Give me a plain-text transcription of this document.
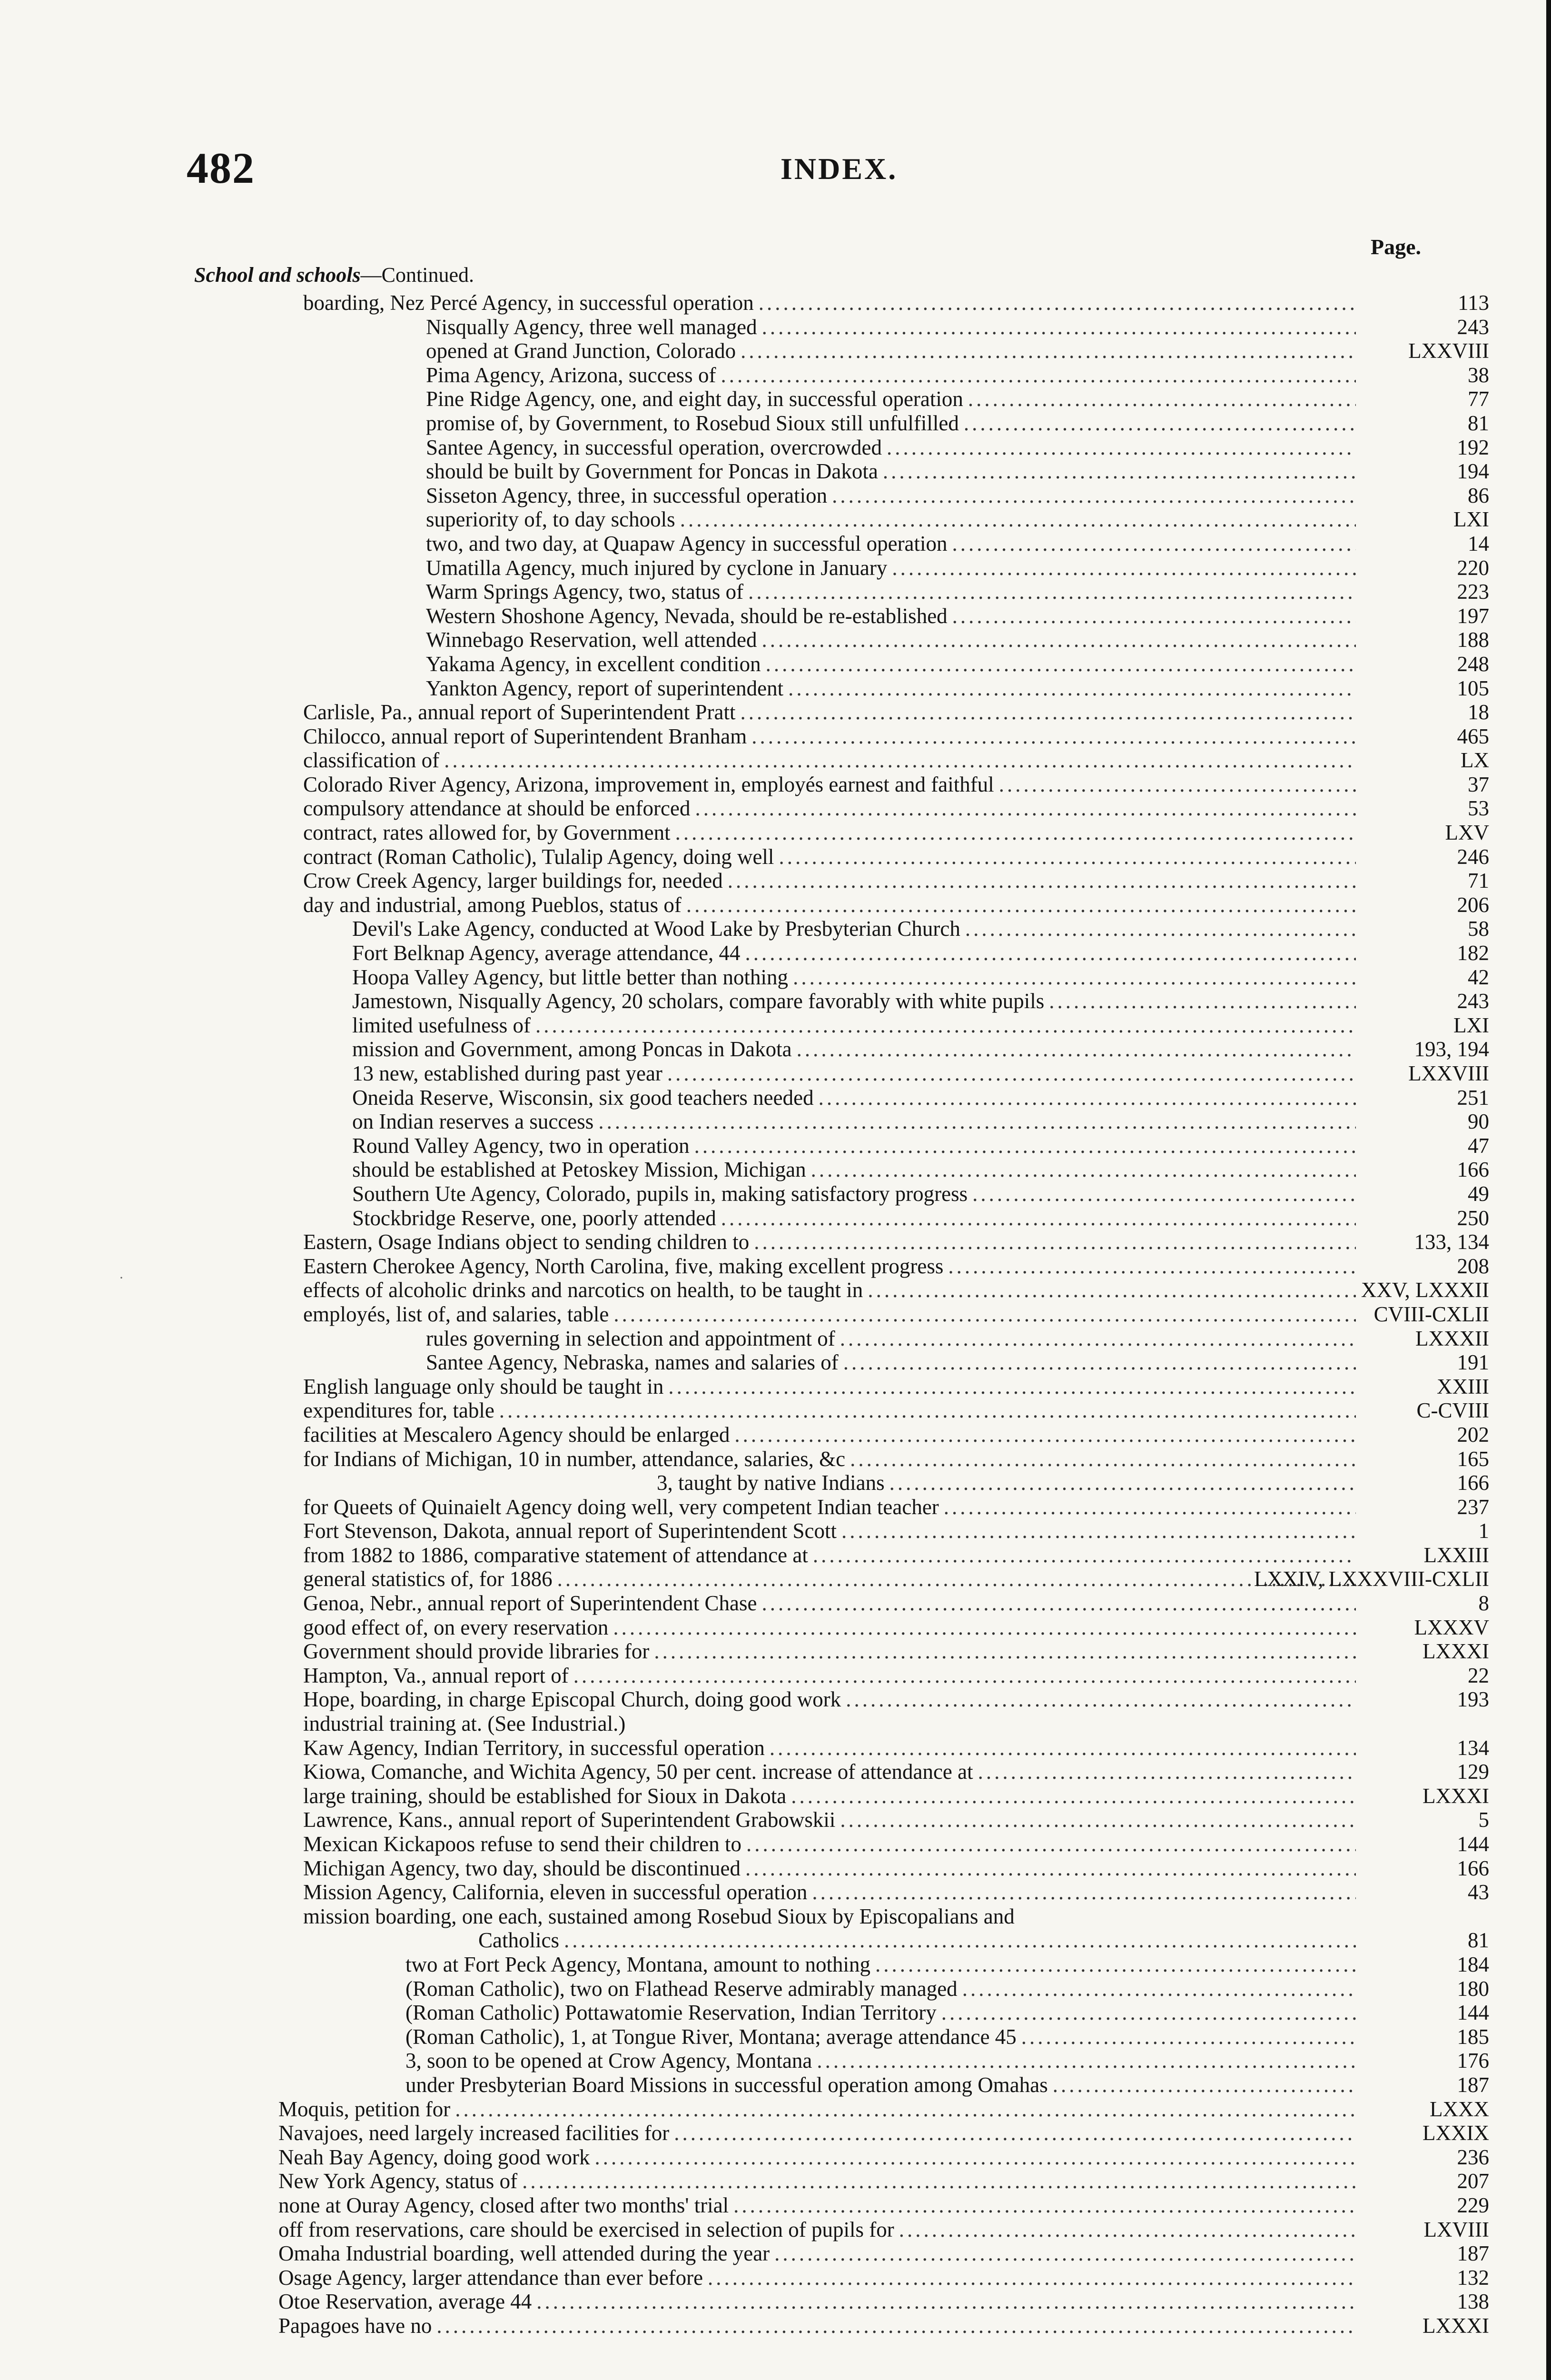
482	INDEX.
Page.
School and schools—Continued.
boarding, Nez Percé Agency, in successful operation .....	113
Nisqually Agency, three well managed .....	243
opened at Grand Junction, Colorado .....	LXXVIII
Pima Agency, Arizona, success of .....	38
Pine Ridge Agency, one, and eight day, in successful operation .....	77
promise of, by Government, to Rosebud Sioux still unfulfilled .....	81
Santee Agency, in successful operation, overcrowded .....	192
should be built by Government for Poncas in Dakota .....	194
Sisseton Agency, three, in successful operation .....	86
superiority of, to day schools .....	LXI
two, and two day, at Quapaw Agency in successful operation .....	14
Umatilla Agency, much injured by cyclone in January .....	220
Warm Springs Agency, two, status of .....	223
Western Shoshone Agency, Nevada, should be re-established .....	197
Winnebago Reservation, well attended .....	188
Yakama Agency, in excellent condition .....	248
Yankton Agency, report of superintendent .....	105
Carlisle, Pa., annual report of Superintendent Pratt .....	18
Chilocco, annual report of Superintendent Branham .....	465
classification of .....	LX
Colorado River Agency, Arizona, improvement in, employés earnest and faithful .....	37
compulsory attendance at should be enforced .....	53
contract, rates allowed for, by Government .....	LXV
contract (Roman Catholic), Tulalip Agency, doing well .....	246
Crow Creek Agency, larger buildings for, needed .....	71
day and industrial, among Pueblos, status of .....	206
Devil's Lake Agency, conducted at Wood Lake by Presbyterian Church .....	58
Fort Belknap Agency, average attendance, 44 .....	182
Hoopa Valley Agency, but little better than nothing .....	42
Jamestown, Nisqually Agency, 20 scholars, compare favorably with white pupils .....	243
limited usefulness of .....	LXI
mission and Government, among Poncas in Dakota .....	193, 194
13 new, established during past year .....	LXXVIII
Oneida Reserve, Wisconsin, six good teachers needed .....	251
on Indian reserves a success .....	90
Round Valley Agency, two in operation .....	47
should be established at Petoskey Mission, Michigan .....	166
Southern Ute Agency, Colorado, pupils in, making satisfactory progress .....	49
Stockbridge Reserve, one, poorly attended .....	250
Eastern, Osage Indians object to sending children to .....	133, 134
Eastern Cherokee Agency, North Carolina, five, making excellent progress .....	208
effects of alcoholic drinks and narcotics on health, to be taught in .....	XXV, LXXXII
employés, list of, and salaries, table .....	CVIII-CXLII
rules governing in selection and appointment of .....	LXXXII
Santee Agency, Nebraska, names and salaries of .....	191
English language only should be taught in .....	XXIII
expenditures for, table .....	C-CVIII
facilities at Mescalero Agency should be enlarged .....	202
for Indians of Michigan, 10 in number, attendance, salaries, &c .....	165
3, taught by native Indians .....	166
for Queets of Quinaielt Agency doing well, very competent Indian teacher .....	237
Fort Stevenson, Dakota, annual report of Superintendent Scott .....	1
from 1882 to 1886, comparative statement of attendance at .....	LXXIII
general statistics of, for 1886 .....	LXXIV, LXXXVIII-CXLII
Genoa, Nebr., annual report of Superintendent Chase .....	8
good effect of, on every reservation .....	LXXXV
Government should provide libraries for .....	LXXXI
Hampton, Va., annual report of .....	22
Hope, boarding, in charge Episcopal Church, doing good work .....	193
industrial training at. (See Industrial.)
Kaw Agency, Indian Territory, in successful operation .....	134
Kiowa, Comanche, and Wichita Agency, 50 per cent. increase of attendance at .....	129
large training, should be established for Sioux in Dakota .....	LXXXI
Lawrence, Kans., annual report of Superintendent Grabowskii .....	5
Mexican Kickapoos refuse to send their children to .....	144
Michigan Agency, two day, should be discontinued .....	166
Mission Agency, California, eleven in successful operation .....	43
mission boarding, one each, sustained among Rosebud Sioux by Episcopalians and
Catholics .....	81
two at Fort Peck Agency, Montana, amount to nothing .....	184
(Roman Catholic), two on Flathead Reserve admirably managed .....	180
(Roman Catholic) Pottawatomie Reservation, Indian Territory .....	144
(Roman Catholic), 1, at Tongue River, Montana; average attendance 45 .....	185
3, soon to be opened at Crow Agency, Montana .....	176
under Presbyterian Board Missions in successful operation among Omahas .....	187
Moquis, petition for .....	LXXX
Navajoes, need largely increased facilities for .....	LXXIX
Neah Bay Agency, doing good work .....	236
New York Agency, status of .....	207
none at Ouray Agency, closed after two months' trial .....	229
off from reservations, care should be exercised in selection of pupils for .....	LXVIII
Omaha Industrial boarding, well attended during the year .....	187
Osage Agency, larger attendance than ever before .....	132
Otoe Reservation, average 44 .....	138
Papagoes have no .....	LXXXI
·
